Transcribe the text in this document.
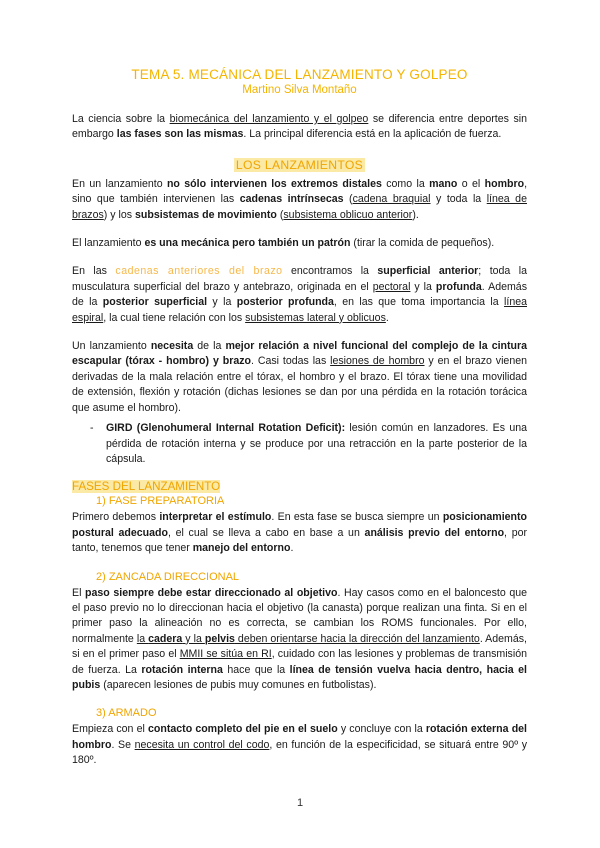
TEMA 5. MECÁNICA DEL LANZAMIENTO Y GOLPEO
Martino Silva Montaño

La ciencia sobre la biomecánica del lanzamiento y el golpeo se diferencia entre deportes sin embargo las fases son las mismas. La principal diferencia está en la aplicación de fuerza.

LOS LANZAMIENTOS

En un lanzamiento no sólo intervienen los extremos distales como la mano o el hombro, sino que también intervienen las cadenas intrínsecas (cadena braquial y toda la línea de brazos) y los subsistemas de movimiento (subsistema oblicuo anterior).

El lanzamiento es una mecánica pero también un patrón (tirar la comida de pequeños).

En las cadenas anteriores del brazo encontramos la superficial anterior; toda la musculatura superficial del brazo y antebrazo, originada en el pectoral y la profunda. Además de la posterior superficial y la posterior profunda, en las que toma importancia la línea espiral, la cual tiene relación con los subsistemas lateral y oblicuos.

Un lanzamiento necesita de la mejor relación a nivel funcional del complejo de la cintura escapular (tórax - hombro) y brazo. Casi todas las lesiones de hombro y en el brazo vienen derivadas de la mala relación entre el tórax, el hombro y el brazo. El tórax tiene una movilidad de extensión, flexión y rotación (dichas lesiones se dan por una pérdida en la rotación torácica que asume el hombro).

-	GIRD (Glenohumeral Internal Rotation Deficit): lesión común en lanzadores. Es una pérdida de rotación interna y se produce por una retracción en la parte posterior de la cápsula.
FASES DEL LANZAMIENTO
1) FASE PREPARATORIA

Primero debemos interpretar el estímulo. En esta fase se busca siempre un posicionamiento postural adecuado, el cual se lleva a cabo en base a un análisis previo del entorno, por tanto, tenemos que tener manejo del entorno.

2) ZANCADA DIRECCIONAL

El paso siempre debe estar direccionado al objetivo. Hay casos como en el baloncesto que el paso previo no lo direccionan hacia el objetivo (la canasta) porque realizan una finta. Si en el primer paso la alineación no es correcta, se cambian los ROMS funcionales. Por ello, normalmente la cadera y la pelvis deben orientarse hacia la dirección del lanzamiento. Además, si en el primer paso el MMII se sitúa en RI, cuidado con las lesiones y problemas de transmisión de fuerza. La rotación interna hace que la línea de tensión vuelva hacia dentro, hacia el pubis (aparecen lesiones de pubis muy comunes en futbolistas).

3) ARMADO

Empieza con el contacto completo del pie en el suelo y concluye con la rotación externa del hombro. Se necesita un control del codo, en función de la especificidad, se situará entre 90º y 180º.

1
